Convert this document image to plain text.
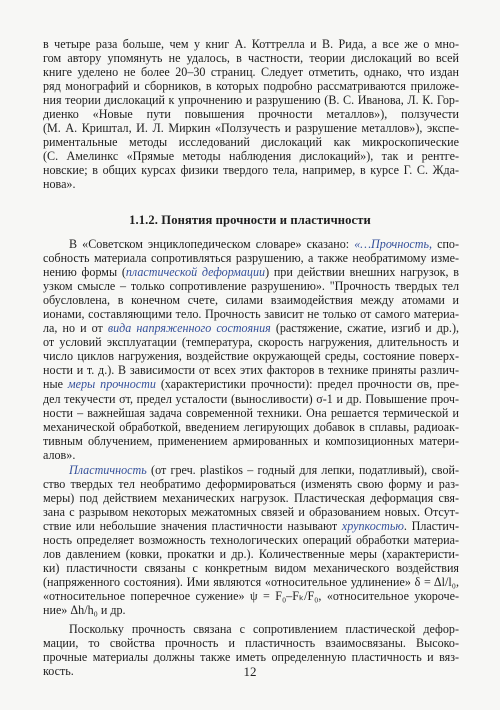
в четыре раза больше, чем у книг А. Коттрелла и В. Рида, а все же о мно-
гом автору упомянуть не удалось, в частности, теории дислокаций во всей
книге уделено не более 20–30 страниц. Следует отметить, однако, что издан
ряд монографий и сборников, в которых подробно рассматриваются приложе-
ния теории дислокаций к упрочнению и разрушению (В. С. Иванова, Л. К. Гор-
диенко «Новые пути повышения прочности металлов»), ползучести
(М. А. Криштал, И. Л. Миркин «Ползучесть и разрушение металлов»), экспе-
риментальные методы исследований дислокаций как микроскопические
(С. Амелинкс «Прямые методы наблюдения дислокаций»), так и рентге-
новские; в общих курсах физики твердого тела, например, в курсе Г. С. Жда-
нова».
1.1.2. Понятия прочности и пластичности
В «Советском энциклопедическом словаре» сказано: «…Прочность, спо-
собность материала сопротивляться разрушению, а также необратимому изме-
нению формы (пластической деформации) при действии внешних нагрузок, в
узком смысле – только сопротивление разрушению». "Прочность твердых тел
обусловлена, в конечном счете, силами взаимодействия между атомами и
ионами, составляющими тело. Прочность зависит не только от самого материа-
ла, но и от вида напряженного состояния (растяжение, сжатие, изгиб и др.),
от условий эксплуатации (температура, скорость нагружения, длительность и
число циклов нагружения, воздействие окружающей среды, состояние поверх-
ности и т. д.). В зависимости от всех этих факторов в технике приняты различ-
ные меры прочности (характеристики прочности): предел прочности σв, пре-
дел текучести σт, предел усталости (выносливости) σ-1 и др. Повышение проч-
ности – важнейшая задача современной техники. Она решается термической и
механической обработкой, введением легирующих добавок в сплавы, радиоак-
тивным облучением, применением армированных и композиционных матери-
алов».
Пластичность (от греч. plastikos – годный для лепки, податливый), свой-
ство твердых тел необратимо деформироваться (изменять свою форму и раз-
меры) под действием механических нагрузок. Пластическая деформация свя-
зана с разрывом некоторых межатомных связей и образованием новых. Отсут-
ствие или небольшие значения пластичности называют хрупкостью. Пластич-
ность определяет возможность технологических операций обработки материа-
лов давлением (ковки, прокатки и др.). Количественные меры (характеристи-
ки) пластичности связаны с конкретным видом механического воздействия
(напряженного состояния). Ими являются «относительное удлинение» δ = Δl/l₀,
«относительное поперечное сужение» ψ = F₀–Fₖ/F₀, «относительное укороче-
ние» Δh/h₀ и др.
Поскольку прочность связана с сопротивлением пластической дефор-
мации, то свойства прочность и пластичность взаимосвязаны. Высоко-
прочные материалы должны также иметь определенную пластичность и вяз-
кость.	12
